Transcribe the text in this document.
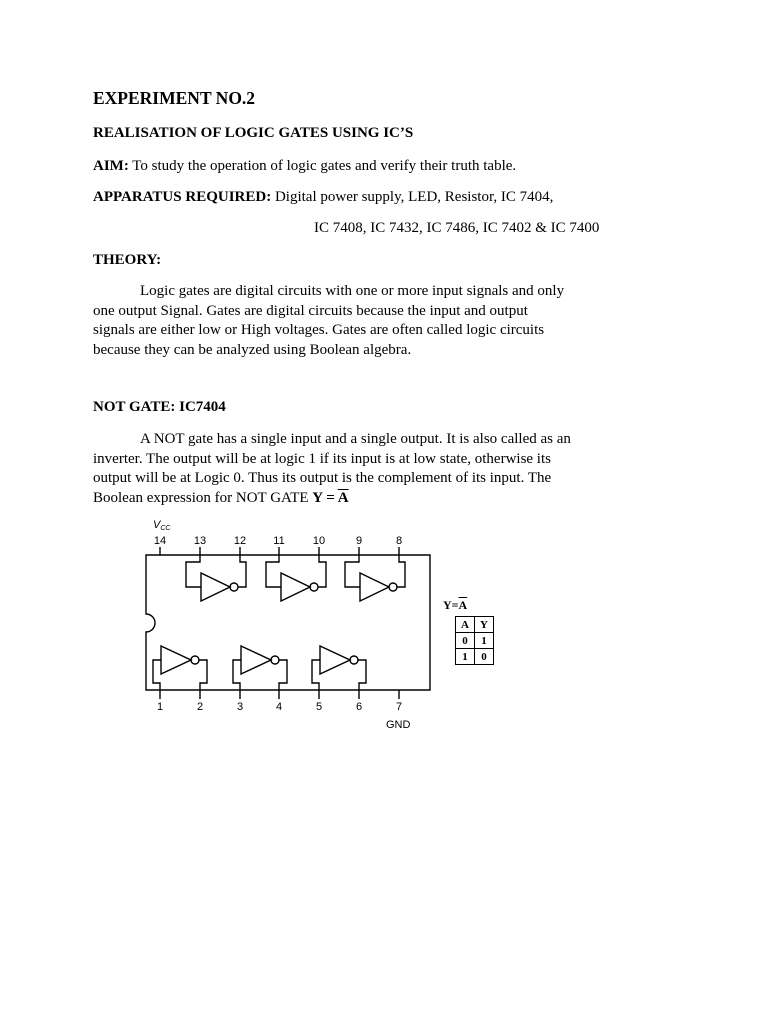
EXPERIMENT NO.2
REALISATION OF LOGIC GATES USING IC’S
AIM: To study the operation of logic gates and verify their truth table.
APPARATUS REQUIRED: Digital power supply, LED, Resistor, IC 7404,
IC 7408, IC 7432, IC 7486, IC 7402 & IC 7400
THEORY:

Logic gates are digital circuits with one or more input signals and only

one output Signal. Gates are digital circuits because the input and output

signals are either low or High voltages. Gates are often called logic circuits

because they can be analyzed using Boolean algebra.

NOT GATE: IC7404

A NOT gate has a single input and a single output. It is also called as an

inverter. The output will be at logic 1 if its input is at low state, otherwise its

output will be at Logic 0. Thus its output is the complement of its input. The

Boolean expression for NOT GATE $Y = \overline{A}$

VCC
14	13	12 11	10	9	8
1	2	3	4	5	6	7
GND
$Y=\overline{A}$
A	Y
0	1
1	0
